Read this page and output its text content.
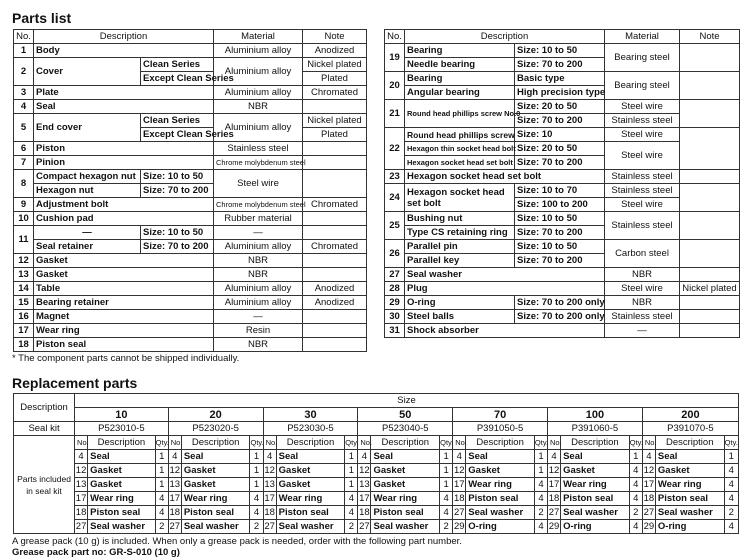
Parts list
No.	Description		Material	Note
1	Body		Aluminium alloy	Anodized
2	Cover	Clean Series	Aluminium alloy	Nickel plated
		Except Clean Series		Plated
3	Plate		Aluminium alloy	Chromated
4	Seal		NBR	
5	End cover	Clean Series	Aluminium alloy	Nickel plated
		Except Clean Series		Plated
6	Piston		Stainless steel	
7	Pinion		Chrome molybdenum steel	
8	Compact hexagon nut	Size: 10 to 50	Steel wire	
	Hexagon nut	Size: 70 to 200		
9	Adjustment bolt		Chrome molybdenum steel	Chromated
10	Cushion pad		Rubber material	
11	—	Size: 10 to 50	—	
	Seal retainer	Size: 70 to 200	Aluminium alloy	Chromated
12	Gasket		NBR	
13	Gasket		NBR	
14	Table		Aluminium alloy	Anodized
15	Bearing retainer		Aluminium alloy	Anodized
16	Magnet		—	
17	Wear ring		Resin	
18	Piston seal		NBR	
No.	Description		Material	Note
19	Bearing	Size: 10 to 50	Bearing steel	
	Needle bearing	Size: 70 to 200		
20	Bearing	Basic type	Bearing steel	
	Angular bearing	High precision type		
21	Round head phillips screw No.0	Size: 20 to 50	Steel wire	
		Size: 70 to 200	Stainless steel	
22	Round head phillips screw	Size: 10	Steel wire	
	Hexagon thin socket head bolt	Size: 20 to 50	Steel wire	
	Hexagon socket head set bolt	Size: 70 to 200		
23	Hexagon socket head set bolt		Stainless steel	
24	Hexagon socket head set bolt	Size: 10 to 70	Stainless steel	
		Size: 100 to 200	Steel wire	
25	Bushing nut	Size: 10 to 50	Stainless steel	
	Type CS retaining ring	Size: 70 to 200		
26	Parallel pin	Size: 10 to 50	Carbon steel	
	Parallel key	Size: 70 to 200		
27	Seal washer		NBR	
28	Plug		Steel wire	Nickel plated
29	O-ring	Size: 70 to 200 only	NBR	
30	Steel balls	Size: 70 to 200 only	Stainless steel	
31	Shock absorber		—	
* The component parts cannot be shipped individually.
Replacement parts
Description	Size																				
	10			20			30			50			70			100			200		
Seal kit	P523010-5			P523020-5			P523030-5			P523040-5			P391050-5			P391060-5			P391070-5		

Parts included
in seal kit	No.	Description	Qty.	No.	Description	Qty.	No.	Description	Qty.	No.	Description	Qty.	No.	Description	Qty.	No.	Description	Qty.	No.	Description	Qty.
	4	Seal	1	4	Seal	1	4	Seal	1	4	Seal	1	4	Seal	1	4	Seal	1	4	Seal	1
	12	Gasket	1	12	Gasket	1	12	Gasket	1	12	Gasket	1	12	Gasket	1	12	Gasket	4	12	Gasket	4
	13	Gasket	1	13	Gasket	1	13	Gasket	1	13	Gasket	1	17	Wear ring	4	17	Wear ring	4	17	Wear ring	4
	17	Wear ring	4	17	Wear ring	4	17	Wear ring	4	17	Wear ring	4	18	Piston seal	4	18	Piston seal	4	18	Piston seal	4
	18	Piston seal	4	18	Piston seal	4	18	Piston seal	4	18	Piston seal	4	27	Seal washer	2	27	Seal washer	2	27	Seal washer	2
	27	Seal washer	2	27	Seal washer	2	27	Seal washer	2	27	Seal washer	2	29	O-ring	4	29	O-ring	4	29	O-ring	4
A grease pack (10 g) is included. When only a grease pack is needed, order with the following part number.
Grease pack part no: GR-S-010 (10 g)
